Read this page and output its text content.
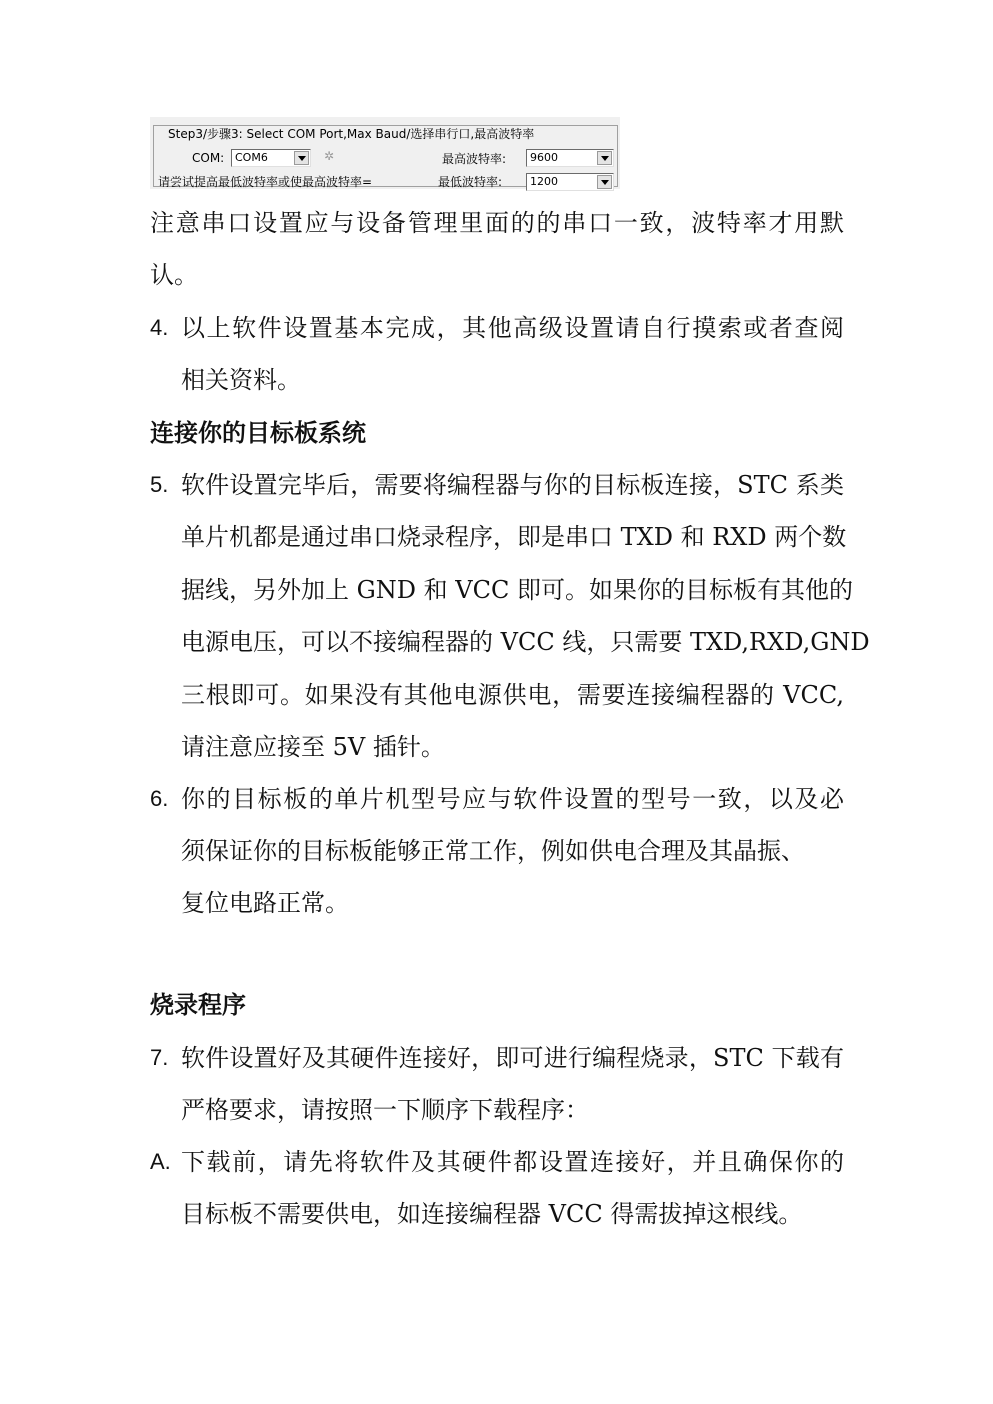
Step3/步骤3: Select COM Port,Max Baud/选择串行口,最高波特率
COM: COM6	✲	最高波特率:	9600
请尝试提高最低波特率或使最高波特率=	最低波特率:	1200
注意串口设置应与设备管理里面的的串口一致，波特率才用默
认。
4. 以上软件设置基本完成，其他高级设置请自行摸索或者查阅
相关资料。
连接你的目标板系统
5. 软件设置完毕后，需要将编程器与你的目标板连接，STC 系类
单片机都是通过串口烧录程序，即是串口 TXD 和 RXD 两个数
据线，另外加上 GND 和 VCC 即可。如果你的目标板有其他的
电源电压，可以不接编程器的 VCC 线，只需要 TXD,RXD,GND
三根即可。如果没有其他电源供电，需要连接编程器的 VCC,
请注意应接至 5V 插针。
6. 你的目标板的单片机型号应与软件设置的型号一致，以及必
须保证你的目标板能够正常工作，例如供电合理及其晶振、
复位电路正常。
烧录程序
7. 软件设置好及其硬件连接好，即可进行编程烧录，STC 下载有
严格要求，请按照一下顺序下载程序：
A. 下载前，请先将软件及其硬件都设置连接好，并且确保你的
目标板不需要供电，如连接编程器 VCC 得需拔掉这根线。
